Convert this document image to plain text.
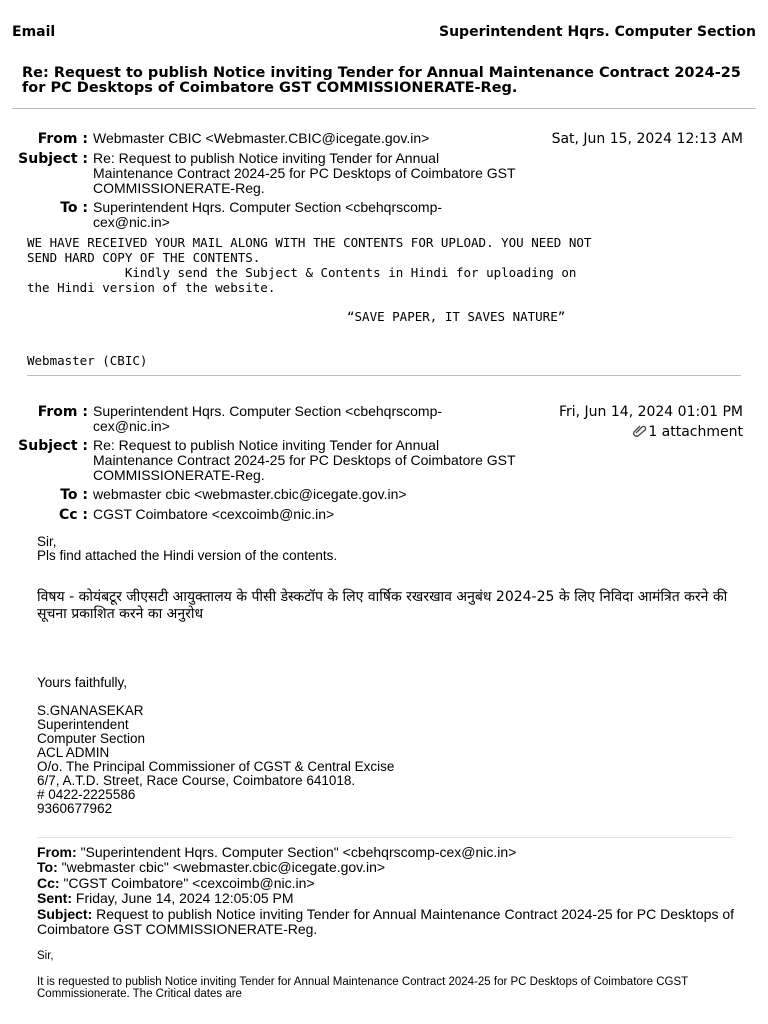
Email	Superintendent Hqrs. Computer Section
Re: Request to publish Notice inviting Tender for Annual Maintenance Contract 2024-25 for PC Desktops of Coimbatore GST COMMISSIONERATE-Reg.
From : Webmaster CBIC <Webmaster.CBIC@icegate.gov.in>	Sat, Jun 15, 2024 12:13 AM
Subject : Re: Request to publish Notice inviting Tender for Annual
Maintenance Contract 2024-25 for PC Desktops of Coimbatore GST
COMMISSIONERATE-Reg.
To : Superintendent Hqrs. Computer Section <cbehqrscomp-
cex@nic.in>
WE HAVE RECEIVED YOUR MAIL ALONG WITH THE CONTENTS FOR UPLOAD. YOU NEED NOT
SEND HARD COPY OF THE CONTENTS.
Kindly send the Subject & Contents in Hindi for uploading on
the Hindi version of the website.
“SAVE PAPER, IT SAVES NATURE”
Webmaster (CBIC)
From : Superintendent Hqrs. Computer Section <cbehqrscomp-
cex@nic.in>
Fri, Jun 14, 2024 01:01 PM
1 attachment
Subject : Re: Request to publish Notice inviting Tender for Annual
Maintenance Contract 2024-25 for PC Desktops of Coimbatore GST
COMMISSIONERATE-Reg.
To : webmaster cbic <webmaster.cbic@icegate.gov.in>
Cc : CGST Coimbatore <cexcoimb@nic.in>
Sir,
Pls find attached the Hindi version of the contents.
विषय - कोयंबटूर जीएसटी आयुक्तालय के पीसी डेस्कटॉप के लिए वार्षिक रखरखाव अनुबंध 2024-25 के लिए निविदा आमंत्रित करने की सूचना प्रकाशित करने का अनुरोध
Yours faithfully,
S.GNANASEKAR
Superintendent
Computer Section
ACL ADMIN
O/o. The Principal Commissioner of CGST & Central Excise
6/7, A.T.D. Street, Race Course, Coimbatore 641018.
# 0422-2225586
9360677962
From: "Superintendent Hqrs. Computer Section" <cbehqrscomp-cex@nic.in>
To: "webmaster cbic" <webmaster.cbic@icegate.gov.in>
Cc: "CGST Coimbatore" <cexcoimb@nic.in>
Sent: Friday, June 14, 2024 12:05:05 PM
Subject: Request to publish Notice inviting Tender for Annual Maintenance Contract 2024-25 for PC Desktops of Coimbatore GST COMMISSIONERATE-Reg.
Sir,
It is requested to publish Notice inviting Tender for Annual Maintenance Contract 2024-25 for PC Desktops of Coimbatore CGST Commissionerate. The Critical dates are
